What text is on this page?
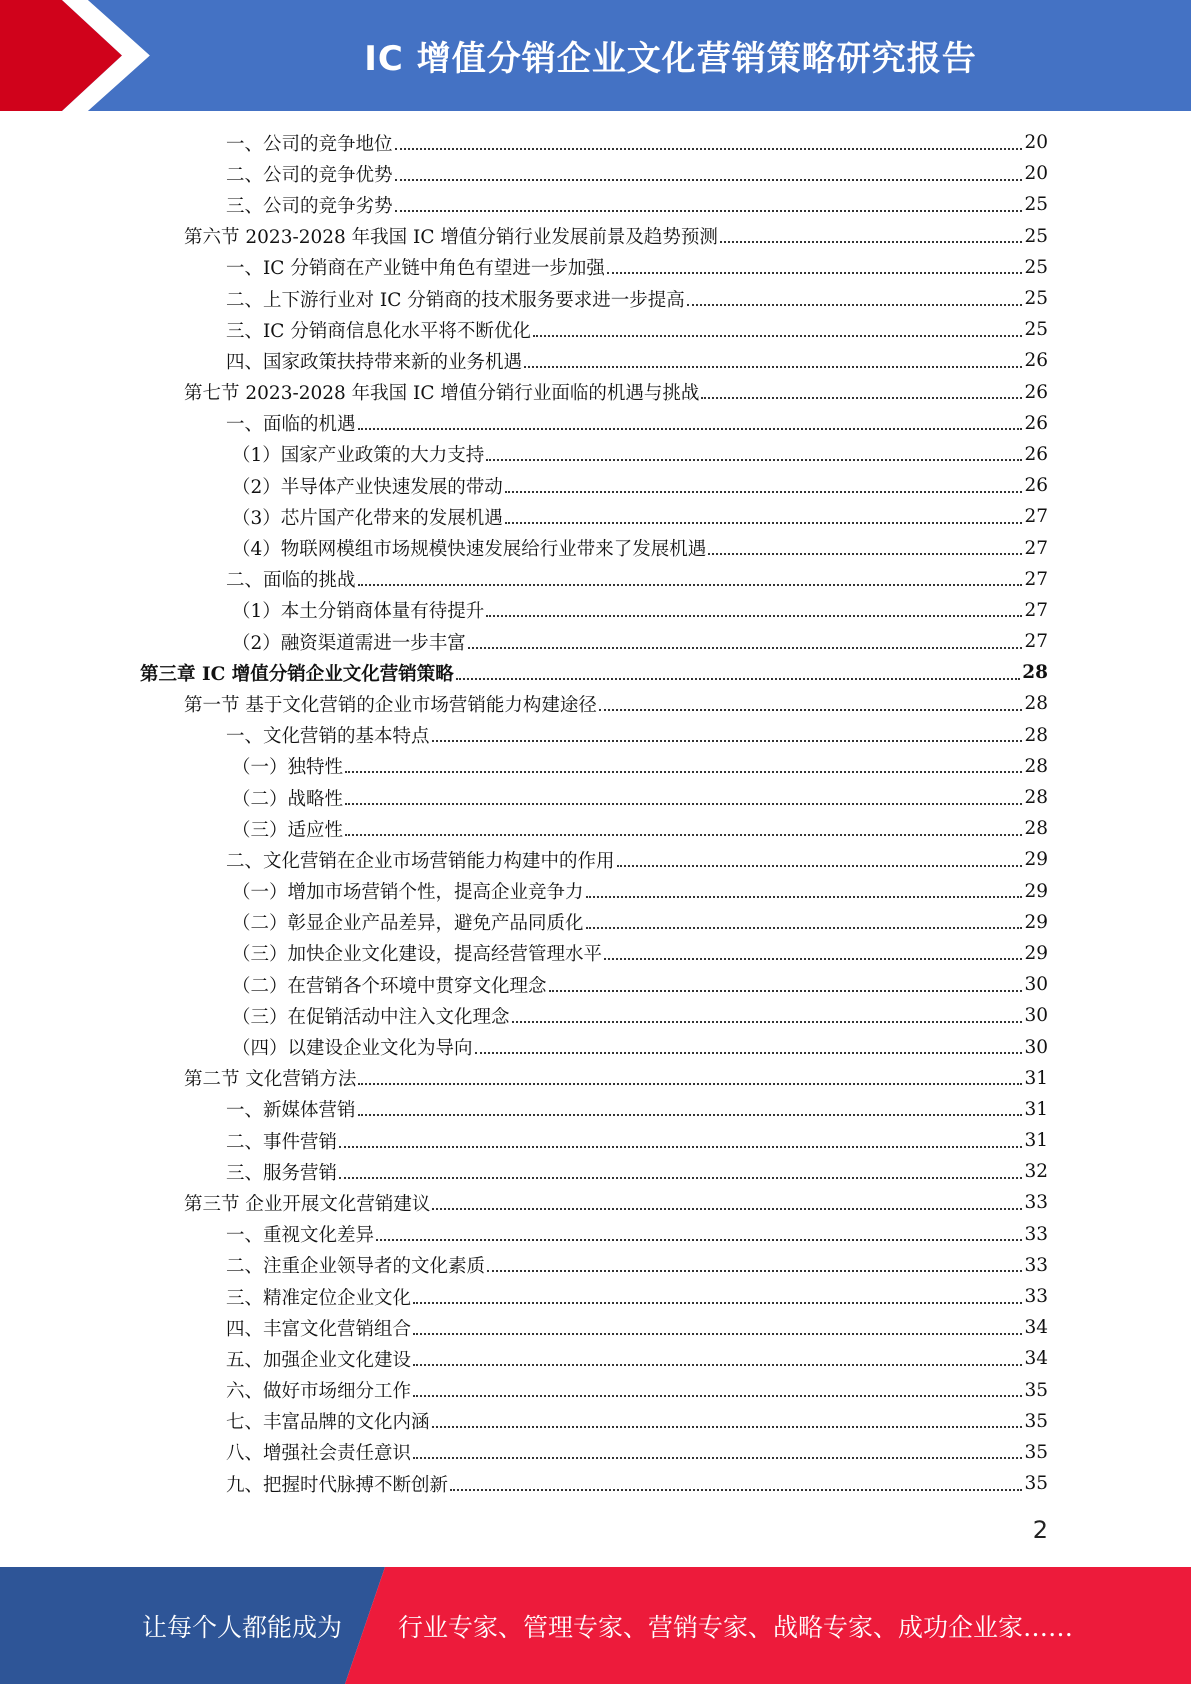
IC 增值分销企业文化营销策略研究报告
一、公司的竞争地位	20
二、公司的竞争优势	20
三、公司的竞争劣势	25
第六节 2023-2028 年我国 IC 增值分销行业发展前景及趋势预测	25
一、IC 分销商在产业链中角色有望进一步加强	25
二、上下游行业对 IC 分销商的技术服务要求进一步提高	25
三、IC 分销商信息化水平将不断优化	25
四、国家政策扶持带来新的业务机遇	26
第七节 2023-2028 年我国 IC 增值分销行业面临的机遇与挑战	26
一、面临的机遇	26
（1）国家产业政策的大力支持	26
（2）半导体产业快速发展的带动	26
（3）芯片国产化带来的发展机遇	27
（4）物联网模组市场规模快速发展给行业带来了发展机遇	27
二、面临的挑战	27
（1）本土分销商体量有待提升	27
（2）融资渠道需进一步丰富	27
第三章 IC 增值分销企业文化营销策略	28
第一节 基于文化营销的企业市场营销能力构建途径	28
一、文化营销的基本特点	28
（一）独特性	28
（二）战略性	28
（三）适应性	28
二、文化营销在企业市场营销能力构建中的作用	29
（一）增加市场营销个性，提高企业竞争力	29
（二）彰显企业产品差异，避免产品同质化	29
（三）加快企业文化建设，提高经营管理水平	29
（二）在营销各个环境中贯穿文化理念	30
（三）在促销活动中注入文化理念	30
（四）以建设企业文化为导向	30
第二节 文化营销方法	31
一、新媒体营销	31
二、事件营销	31
三、服务营销	32
第三节 企业开展文化营销建议	33
一、重视文化差异	33
二、注重企业领导者的文化素质	33
三、精准定位企业文化	33
四、丰富文化营销组合	34
五、加强企业文化建设	34
六、做好市场细分工作	35
七、丰富品牌的文化内涵	35
八、增强社会责任意识	35
九、把握时代脉搏不断创新	35
2
让每个人都能成为 行业专家、管理专家、营销专家、战略专家、成功企业家……
